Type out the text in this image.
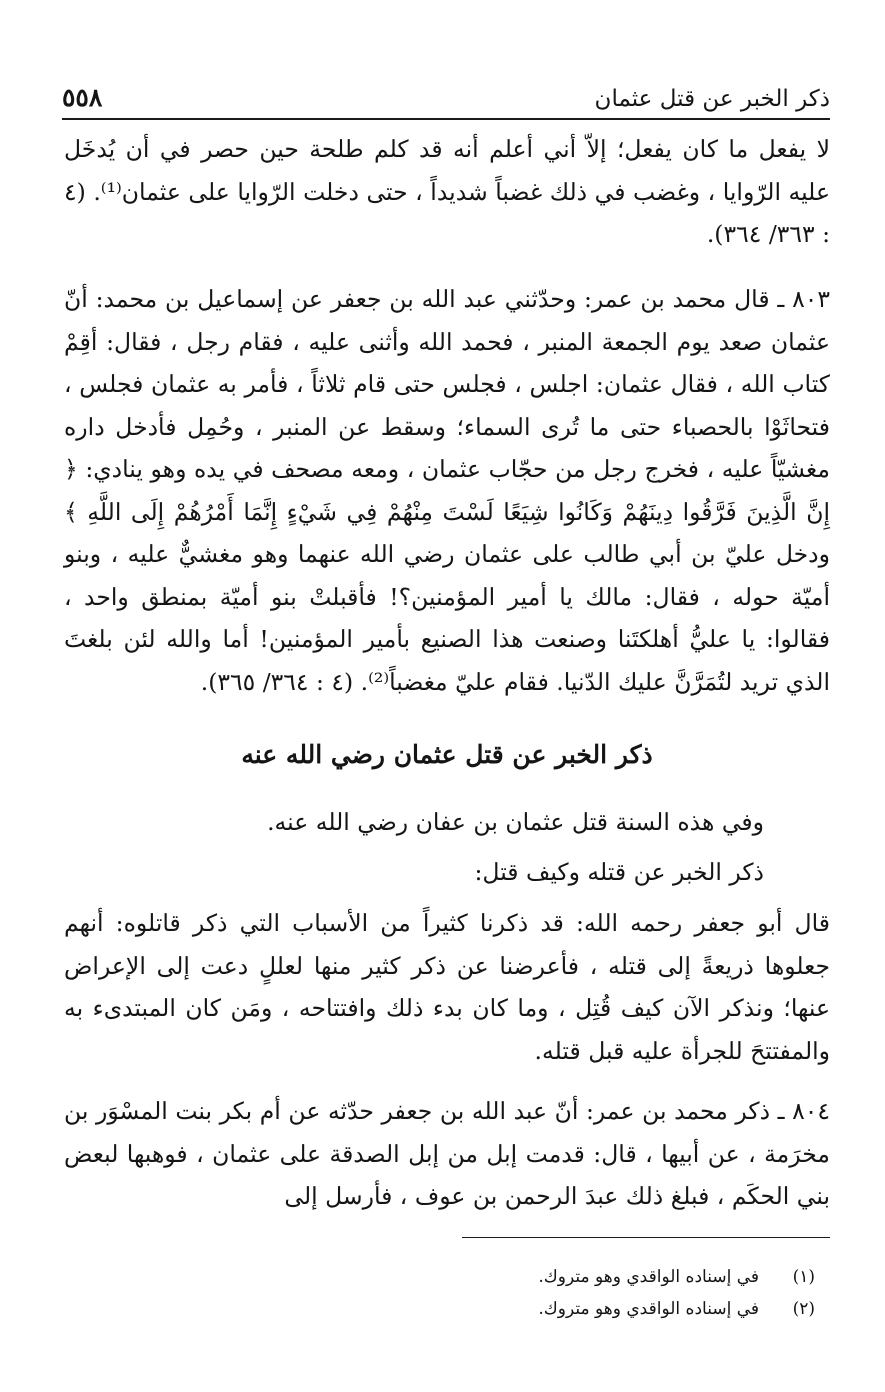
ذكر الخبر عن قتل عثمان
٥٥٨
لا يفعل ما كان يفعل؛ إلاّ أني أعلم أنه قد كلم طلحة حين حصر في أن يُدخَل عليه الرّوايا ، وغضب في ذلك غضباً شديداً ، حتى دخلت الرّوايا على عثمان⁽¹⁾. (٤ : ٣٦٣/ ٣٦٤).
٨٠٣ ـ قال محمد بن عمر: وحدّثني عبد الله بن جعفر عن إسماعيل بن محمد: أنّ عثمان صعد يوم الجمعة المنبر ، فحمد الله وأثنى عليه ، فقام رجل ، فقال: أقِمْ كتاب الله ، فقال عثمان: اجلس ، فجلس حتى قام ثلاثاً ، فأمر به عثمان فجلس ، فتحاثَوْا بالحصباء حتى ما تُرى السماء؛ وسقط عن المنبر ، وحُمِل فأدخل داره مغشيّاً عليه ، فخرج رجل من حجّاب عثمان ، ومعه مصحف في يده وهو ينادي: ﴿ إِنَّ الَّذِينَ فَرَّقُوا دِينَهُمْ وَكَانُوا شِيَعًا لَسْتَ مِنْهُمْ فِي شَيْءٍ إِنَّمَا أَمْرُهُمْ إِلَى اللَّهِ ﴾ ودخل عليّ بن أبي طالب على عثمان رضي الله عنهما وهو مغشيٌّ عليه ، وبنو أميّة حوله ، فقال: مالك يا أمير المؤمنين؟! فأقبلتْ بنو أميّة بمنطق واحد ، فقالوا: يا عليُّ أهلكتَنا وصنعت هذا الصنيع بأمير المؤمنين! أما والله لئن بلغتَ الذي تريد لتُمَرَّنَّ عليك الدّنيا. فقام عليّ مغضباً⁽²⁾. (٤ : ٣٦٤/ ٣٦٥).
ذكر الخبر عن قتل عثمان رضي الله عنه
وفي هذه السنة قتل عثمان بن عفان رضي الله عنه.
ذكر الخبر عن قتله وكيف قتل:
قال أبو جعفر رحمه الله: قد ذكرنا كثيراً من الأسباب التي ذكر قاتلوه: أنهم جعلوها ذريعةً إلى قتله ، فأعرضنا عن ذكر كثير منها لعللٍ دعت إلى الإعراض عنها؛ ونذكر الآن كيف قُتِل ، وما كان بدء ذلك وافتتاحه ، ومَن كان المبتدىء به والمفتتحَ للجرأة عليه قبل قتله.
٨٠٤ ـ ذكر محمد بن عمر: أنّ عبد الله بن جعفر حدّثه عن أم بكر بنت المسْوَر بن مخرَمة ، عن أبيها ، قال: قدمت إبل من إبل الصدقة على عثمان ، فوهبها لبعض بني الحكَم ، فبلغ ذلك عبدَ الرحمن بن عوف ، فأرسل إلى
(١)
في إسناده الواقدي وهو متروك.
(٢)
في إسناده الواقدي وهو متروك.
